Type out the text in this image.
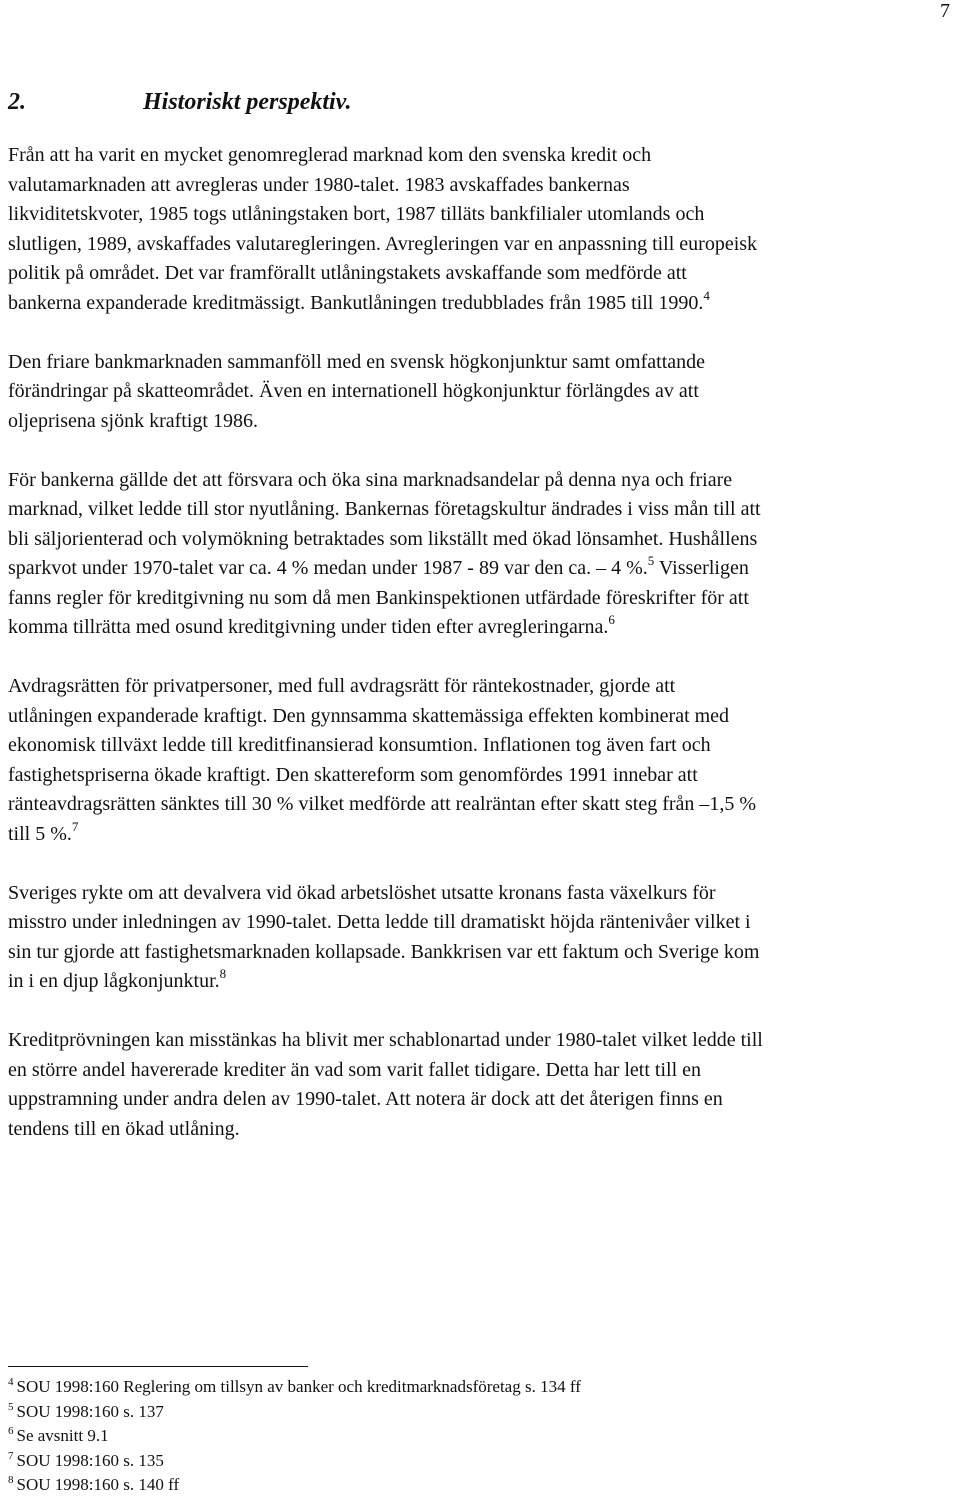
7
2.	Historiskt perspektiv.

Från att ha varit en mycket genomreglerad marknad kom den svenska kredit och
valutamarknaden att avregleras under 1980-talet. 1983 avskaffades bankernas
likviditetskvoter, 1985 togs utlåningstaken bort, 1987 tilläts bankfilialer utomlands och
slutligen, 1989, avskaffades valutaregleringen. Avregleringen var en anpassning till europeisk
politik på området. Det var framförallt utlåningstakets avskaffande som medförde att
bankerna expanderade kreditmässigt. Bankutlåningen tredubblades från 1985 till 1990.$^4$

Den friare bankmarknaden sammanföll med en svensk högkonjunktur samt omfattande
förändringar på skatteområdet. Även en internationell högkonjunktur förlängdes av att
oljeprisena sjönk kraftigt 1986.

För bankerna gällde det att försvara och öka sina marknadsandelar på denna nya och friare
marknad, vilket ledde till stor nyutlåning. Bankernas företagskultur ändrades i viss mån till att
bli säljorienterad och volymökning betraktades som likställt med ökad lönsamhet. Hushållens
sparkvot under 1970-talet var ca. 4 % medan under 1987 - 89 var den ca. – 4 %.$^5$ Visserligen
fanns regler för kreditgivning nu som då men Bankinspektionen utfärdade föreskrifter för att
komma tillrätta med osund kreditgivning under tiden efter avregleringarna.$^6$

Avdragsrätten för privatpersoner, med full avdragsrätt för räntekostnader, gjorde att
utlåningen expanderade kraftigt. Den gynnsamma skattemässiga effekten kombinerat med
ekonomisk tillväxt ledde till kreditfinansierad konsumtion. Inflationen tog även fart och
fastighetspriserna ökade kraftigt. Den skattereform som genomfördes 1991 innebar att
ränteavdragsrätten sänktes till 30 % vilket medförde att realräntan efter skatt steg från –1,5 %
till 5 %.$^7$

Sveriges rykte om att devalvera vid ökad arbetslöshet utsatte kronans fasta växelkurs för
misstro under inledningen av 1990-talet. Detta ledde till dramatiskt höjda räntenivåer vilket i
sin tur gjorde att fastighetsmarknaden kollapsade. Bankkrisen var ett faktum och Sverige kom
in i en djup lågkonjunktur.$^8$

Kreditprövningen kan misstänkas ha blivit mer schablonartad under 1980-talet vilket ledde till
en större andel havererade krediter än vad som varit fallet tidigare. Detta har lett till en
uppstramning under andra delen av 1990-talet. Att notera är dock att det återigen finns en
tendens till en ökad utlåning.

$^4$ SOU 1998:160 Reglering om tillsyn av banker och kreditmarknadsföretag s. 134 ff
$^5$ SOU 1998:160 s. 137
$^6$ Se avsnitt 9.1
$^7$ SOU 1998:160 s. 135
$^8$ SOU 1998:160 s. 140 ff
